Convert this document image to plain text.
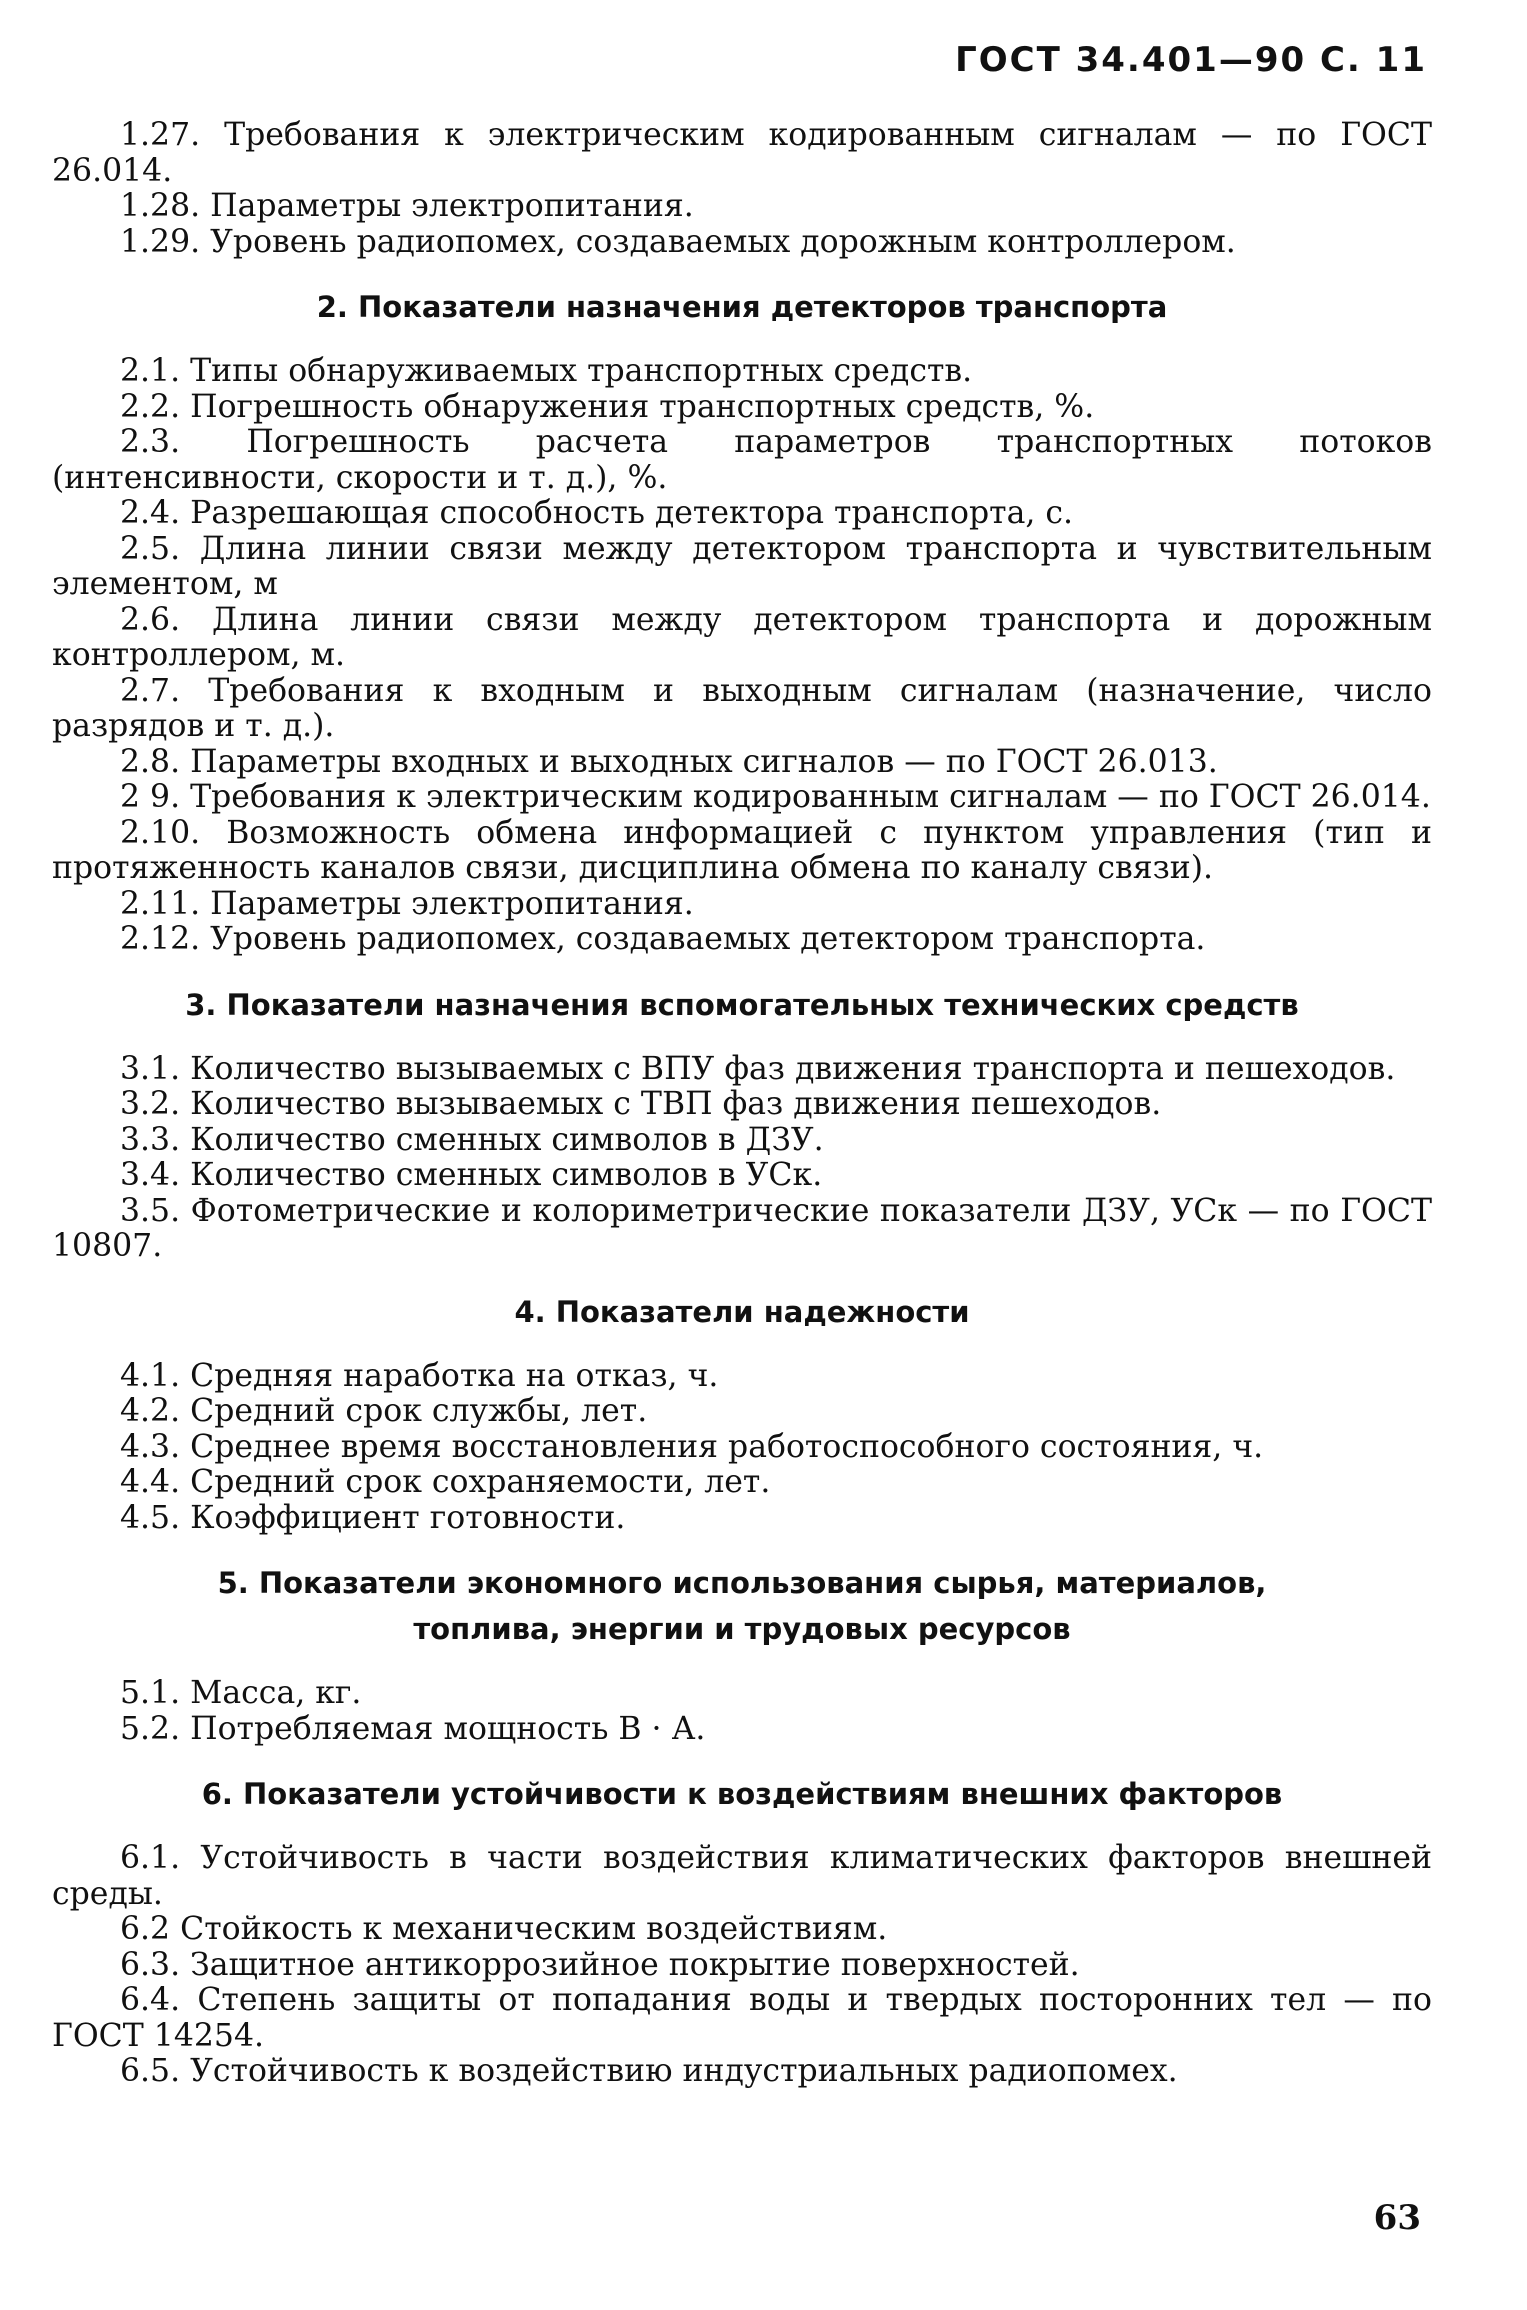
ГОСТ 34.401—90 С. 11

1.27. Требования к электрическим кодированным сигналам — по ГОСТ 26.014.

1.28. Параметры электропитания.

1.29. Уровень радиопомех, создаваемых дорожным контроллером.

2. Показатели назначения детекторов транспорта

2.1. Типы обнаруживаемых транспортных средств.

2.2. Погрешность обнаружения транспортных средств, %.

2.3. Погрешность расчета параметров транспортных потоков (интенсивности, скорости и т. д.), %.

2.4. Разрешающая способность детектора транспорта, с.

2.5. Длина линии связи между детектором транспорта и чувствительным элементом, м

2.6. Длина линии связи между детектором транспорта и дорожным контроллером, м.

2.7. Требования к входным и выходным сигналам (назначение, число разрядов и т. д.).

2.8. Параметры входных и выходных сигналов — по ГОСТ 26.013.

2 9. Требования к электрическим кодированным сигналам — по ГОСТ 26.014.

2.10. Возможность обмена информацией с пунктом управления (тип и протяженность каналов связи, дисциплина обмена по каналу связи).

2.11. Параметры электропитания.

2.12. Уровень радиопомех, создаваемых детектором транспорта.

3. Показатели назначения вспомогательных технических средств

3.1. Количество вызываемых с ВПУ фаз движения транспорта и пешеходов.

3.2. Количество вызываемых с ТВП фаз движения пешеходов.

3.3. Количество сменных символов в ДЗУ.

3.4. Количество сменных символов в УСк.

3.5. Фотометрические и колориметрические показатели ДЗУ, УСк — по ГОСТ 10807.

4. Показатели надежности

4.1. Средняя наработка на отказ, ч.

4.2. Средний срок службы, лет.

4.3. Среднее время восстановления работоспособного состояния, ч.

4.4. Средний срок сохраняемости, лет.

4.5. Коэффициент готовности.

5. Показатели экономного использования сырья, материалов, топлива, энергии и трудовых ресурсов

5.1. Масса, кг.

5.2. Потребляемая мощность В · А.

6. Показатели устойчивости к воздействиям внешних факторов

6.1. Устойчивость в части воздействия климатических факторов внешней среды.

6.2 Стойкость к механическим воздействиям.

6.3. Защитное антикоррозийное покрытие поверхностей.

6.4. Степень защиты от попадания воды и твердых посторонних тел — по ГОСТ 14254.

6.5. Устойчивость к воздействию индустриальных радиопомех.

63
